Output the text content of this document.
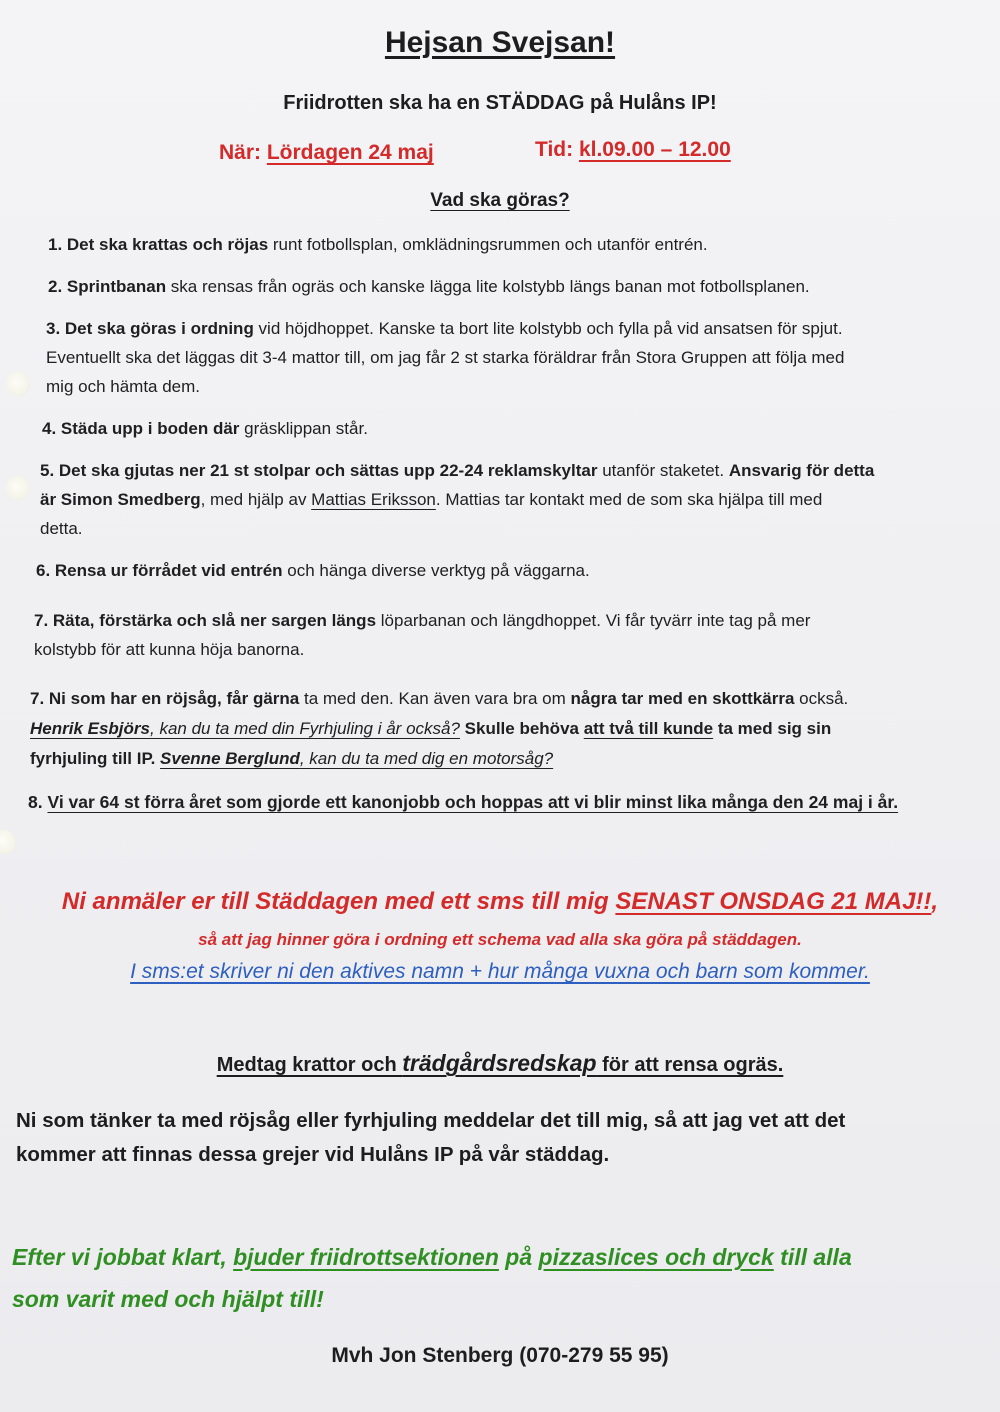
Hejsan Svejsan!
Friidrotten ska ha en STÄDDAG på Hulåns IP!
När: Lördagen 24 maj	Tid: kl.09.00 – 12.00
Vad ska göras?
1. Det ska krattas och röjas runt fotbollsplan, omklädningsrummen och utanför entrén.
2. Sprintbanan ska rensas från ogräs och kanske lägga lite kolstybb längs banan mot fotbollsplanen.
3. Det ska göras i ordning vid höjdhoppet. Kanske ta bort lite kolstybb och fylla på vid ansatsen för spjut.
Eventuellt ska det läggas dit 3-4 mattor till, om jag får 2 st starka föräldrar från Stora Gruppen att följa med
mig och hämta dem.
4. Städa upp i boden där gräsklippan står.
5. Det ska gjutas ner 21 st stolpar och sättas upp 22-24 reklamskyltar utanför staketet. Ansvarig för detta
är Simon Smedberg, med hjälp av Mattias Eriksson. Mattias tar kontakt med de som ska hjälpa till med
detta.
6. Rensa ur förrådet vid entrén och hänga diverse verktyg på väggarna.
7. Räta, förstärka och slå ner sargen längs löparbanan och längdhoppet. Vi får tyvärr inte tag på mer
kolstybb för att kunna höja banorna.
7. Ni som har en röjsåg, får gärna ta med den. Kan även vara bra om några tar med en skottkärra också.
Henrik Esbjörs, kan du ta med din Fyrhjuling i år också? Skulle behöva att två till kunde ta med sig sin
fyrhjuling till IP. Svenne Berglund, kan du ta med dig en motorsåg?
8. Vi var 64 st förra året som gjorde ett kanonjobb och hoppas att vi blir minst lika många den 24 maj i år.
Ni anmäler er till Städdagen med ett sms till mig SENAST ONSDAG 21 MAJ!!,
så att jag hinner göra i ordning ett schema vad alla ska göra på städdagen.
I sms:et skriver ni den aktives namn + hur många vuxna och barn som kommer.
Medtag krattor och trädgårdsredskap för att rensa ogräs.
Ni som tänker ta med röjsåg eller fyrhjuling meddelar det till mig, så att jag vet att det
kommer att finnas dessa grejer vid Hulåns IP på vår städdag.
Efter vi jobbat klart, bjuder friidrottsektionen på pizzaslices och dryck till alla
som varit med och hjälpt till!
Mvh Jon Stenberg (070-279 55 95)
